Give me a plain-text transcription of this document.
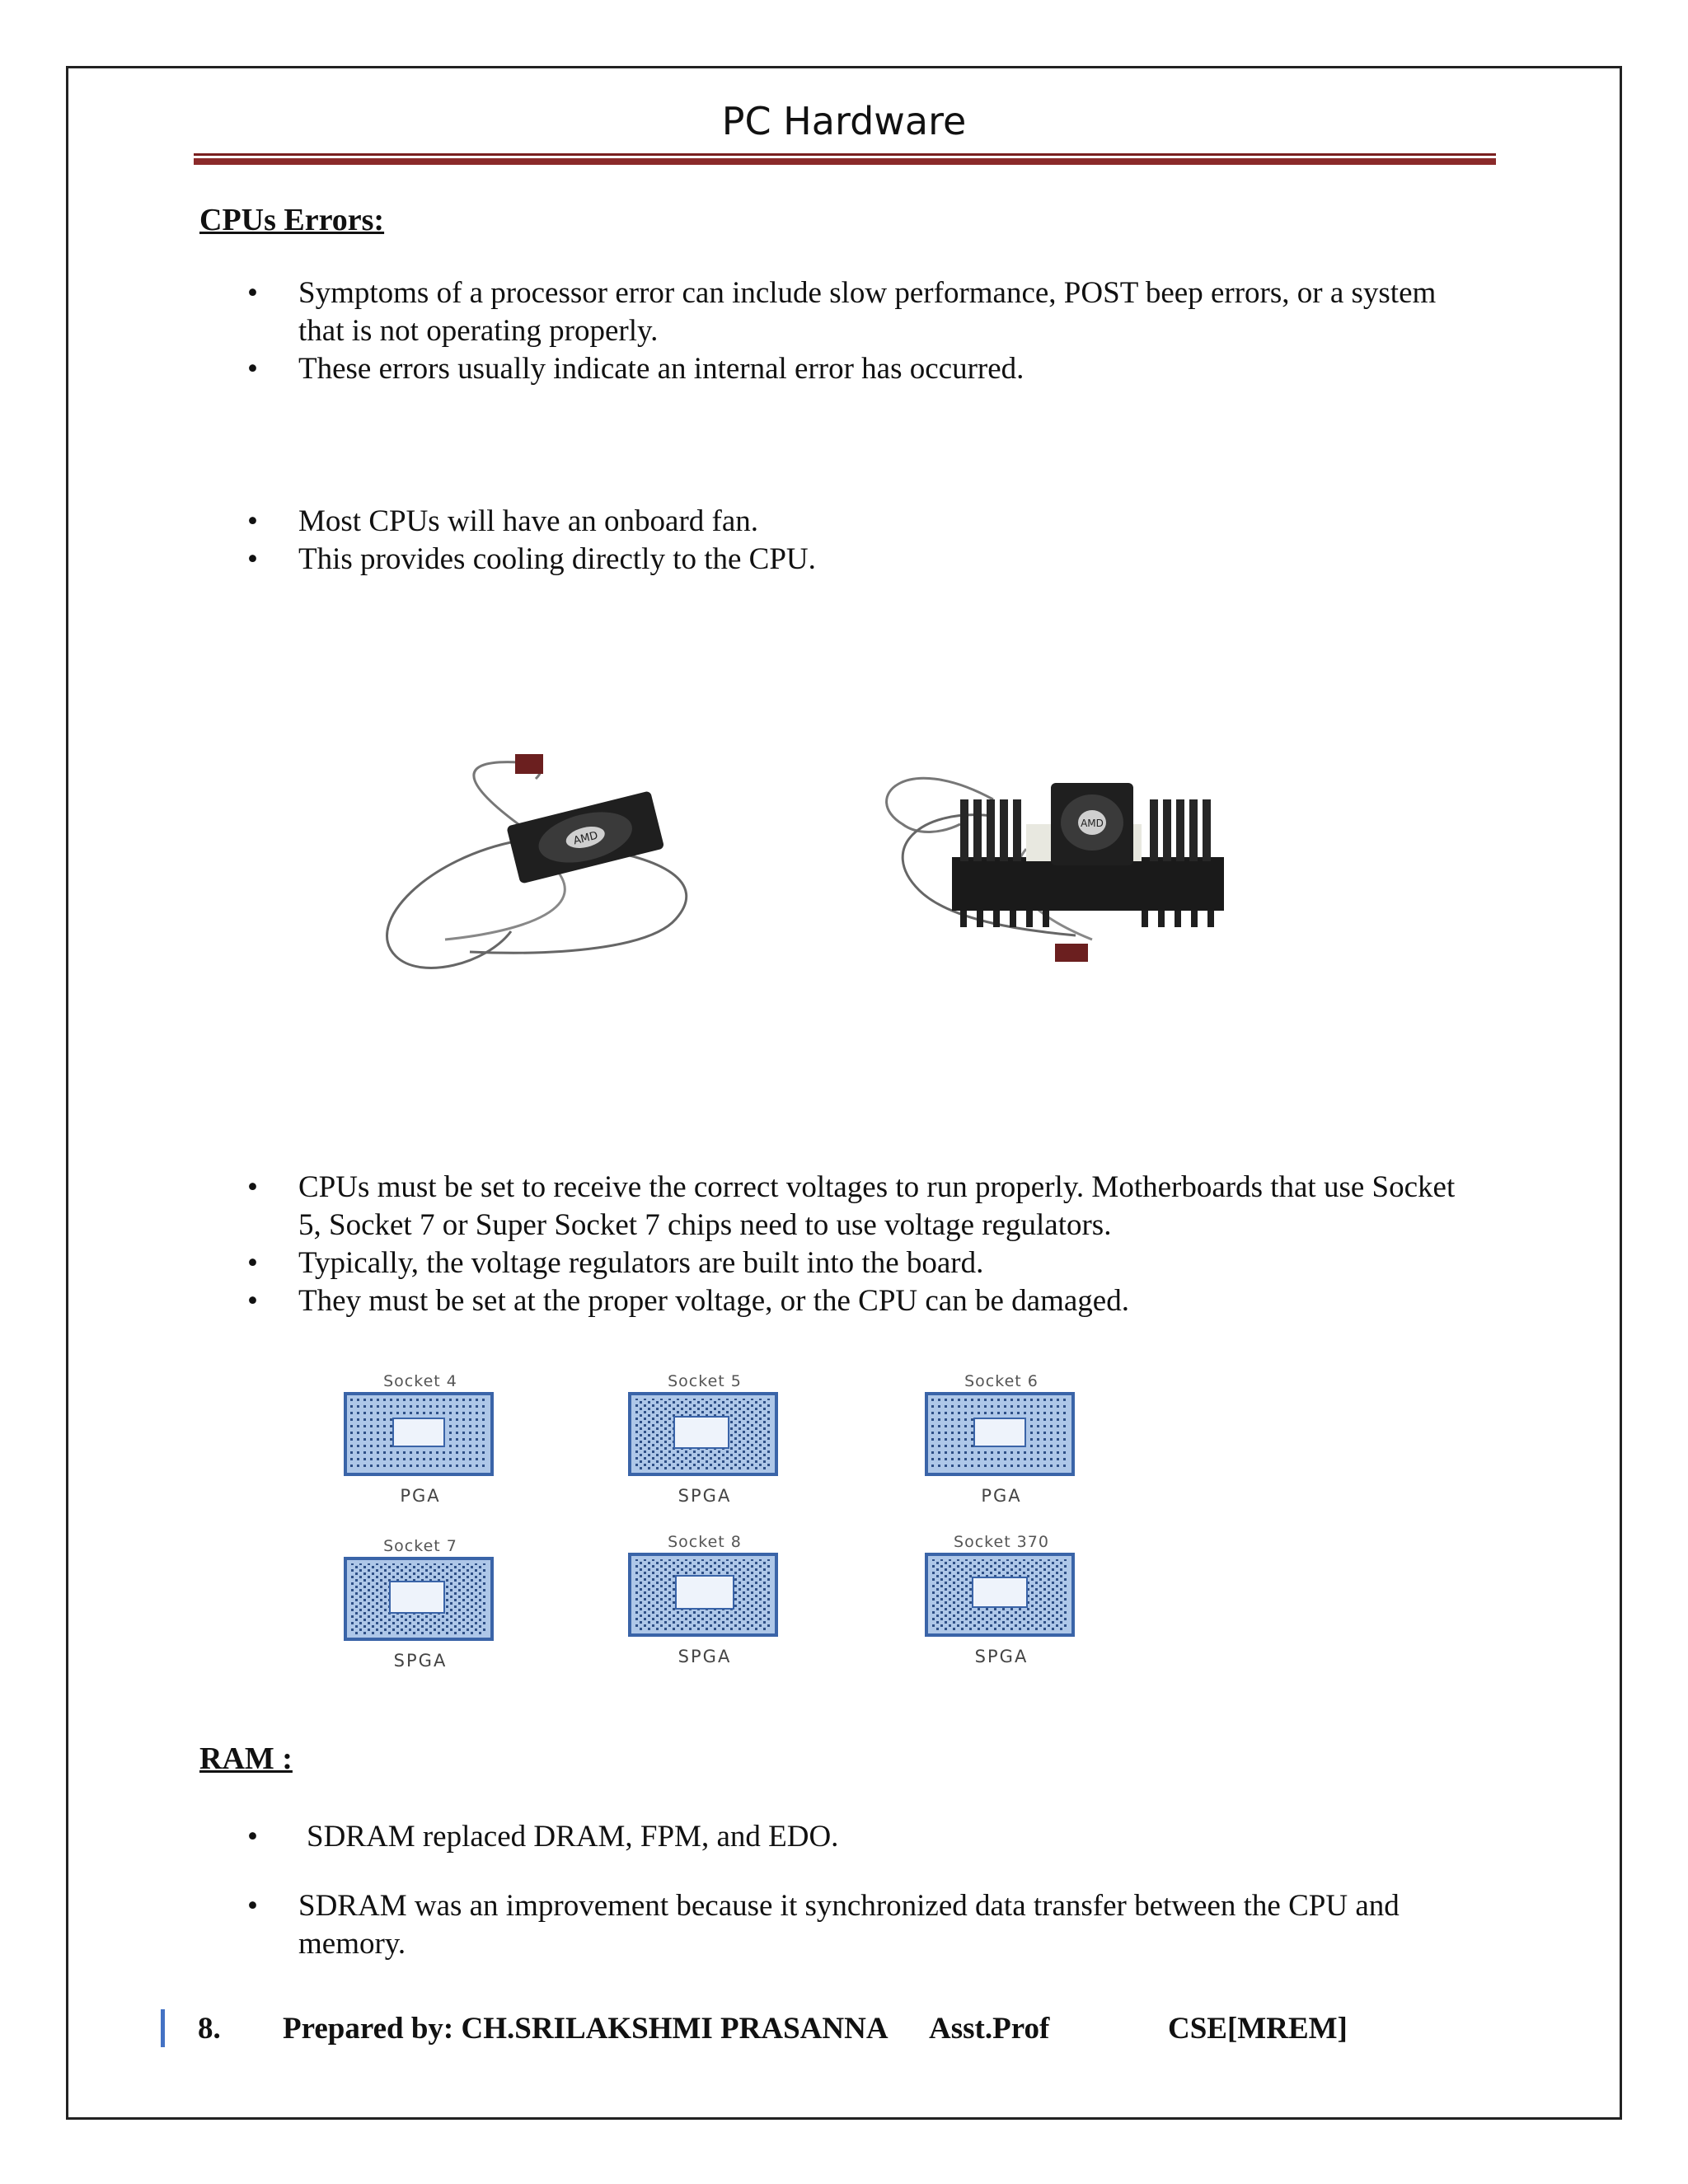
PC Hardware
CPUs Errors:
• Symptoms of a processor error can include slow performance, POST beep errors, or a system that is not operating properly.
• These errors usually indicate an internal error has occurred.
• Most CPUs will have an onboard fan.
• This provides cooling directly to the CPU.
AMD
AMD
• CPUs must be set to receive the correct voltages to run properly. Motherboards that use Socket 5, Socket 7 or Super Socket 7 chips need to use voltage regulators.
• Typically, the voltage regulators are built into the board.
• They must be set at the proper voltage, or the CPU can be damaged.
Socket 4
PGA
Socket 5
SPGA
Socket 6
PGA
Socket 7
SPGA
Socket 8
SPGA
Socket 370
SPGA
RAM :
• SDRAM replaced DRAM, FPM, and EDO.
• SDRAM was an improvement because it synchronized data transfer between the CPU and memory.
8. Prepared by: CH.SRILAKSHMI PRASANNA Asst.Prof	CSE[MREM]
